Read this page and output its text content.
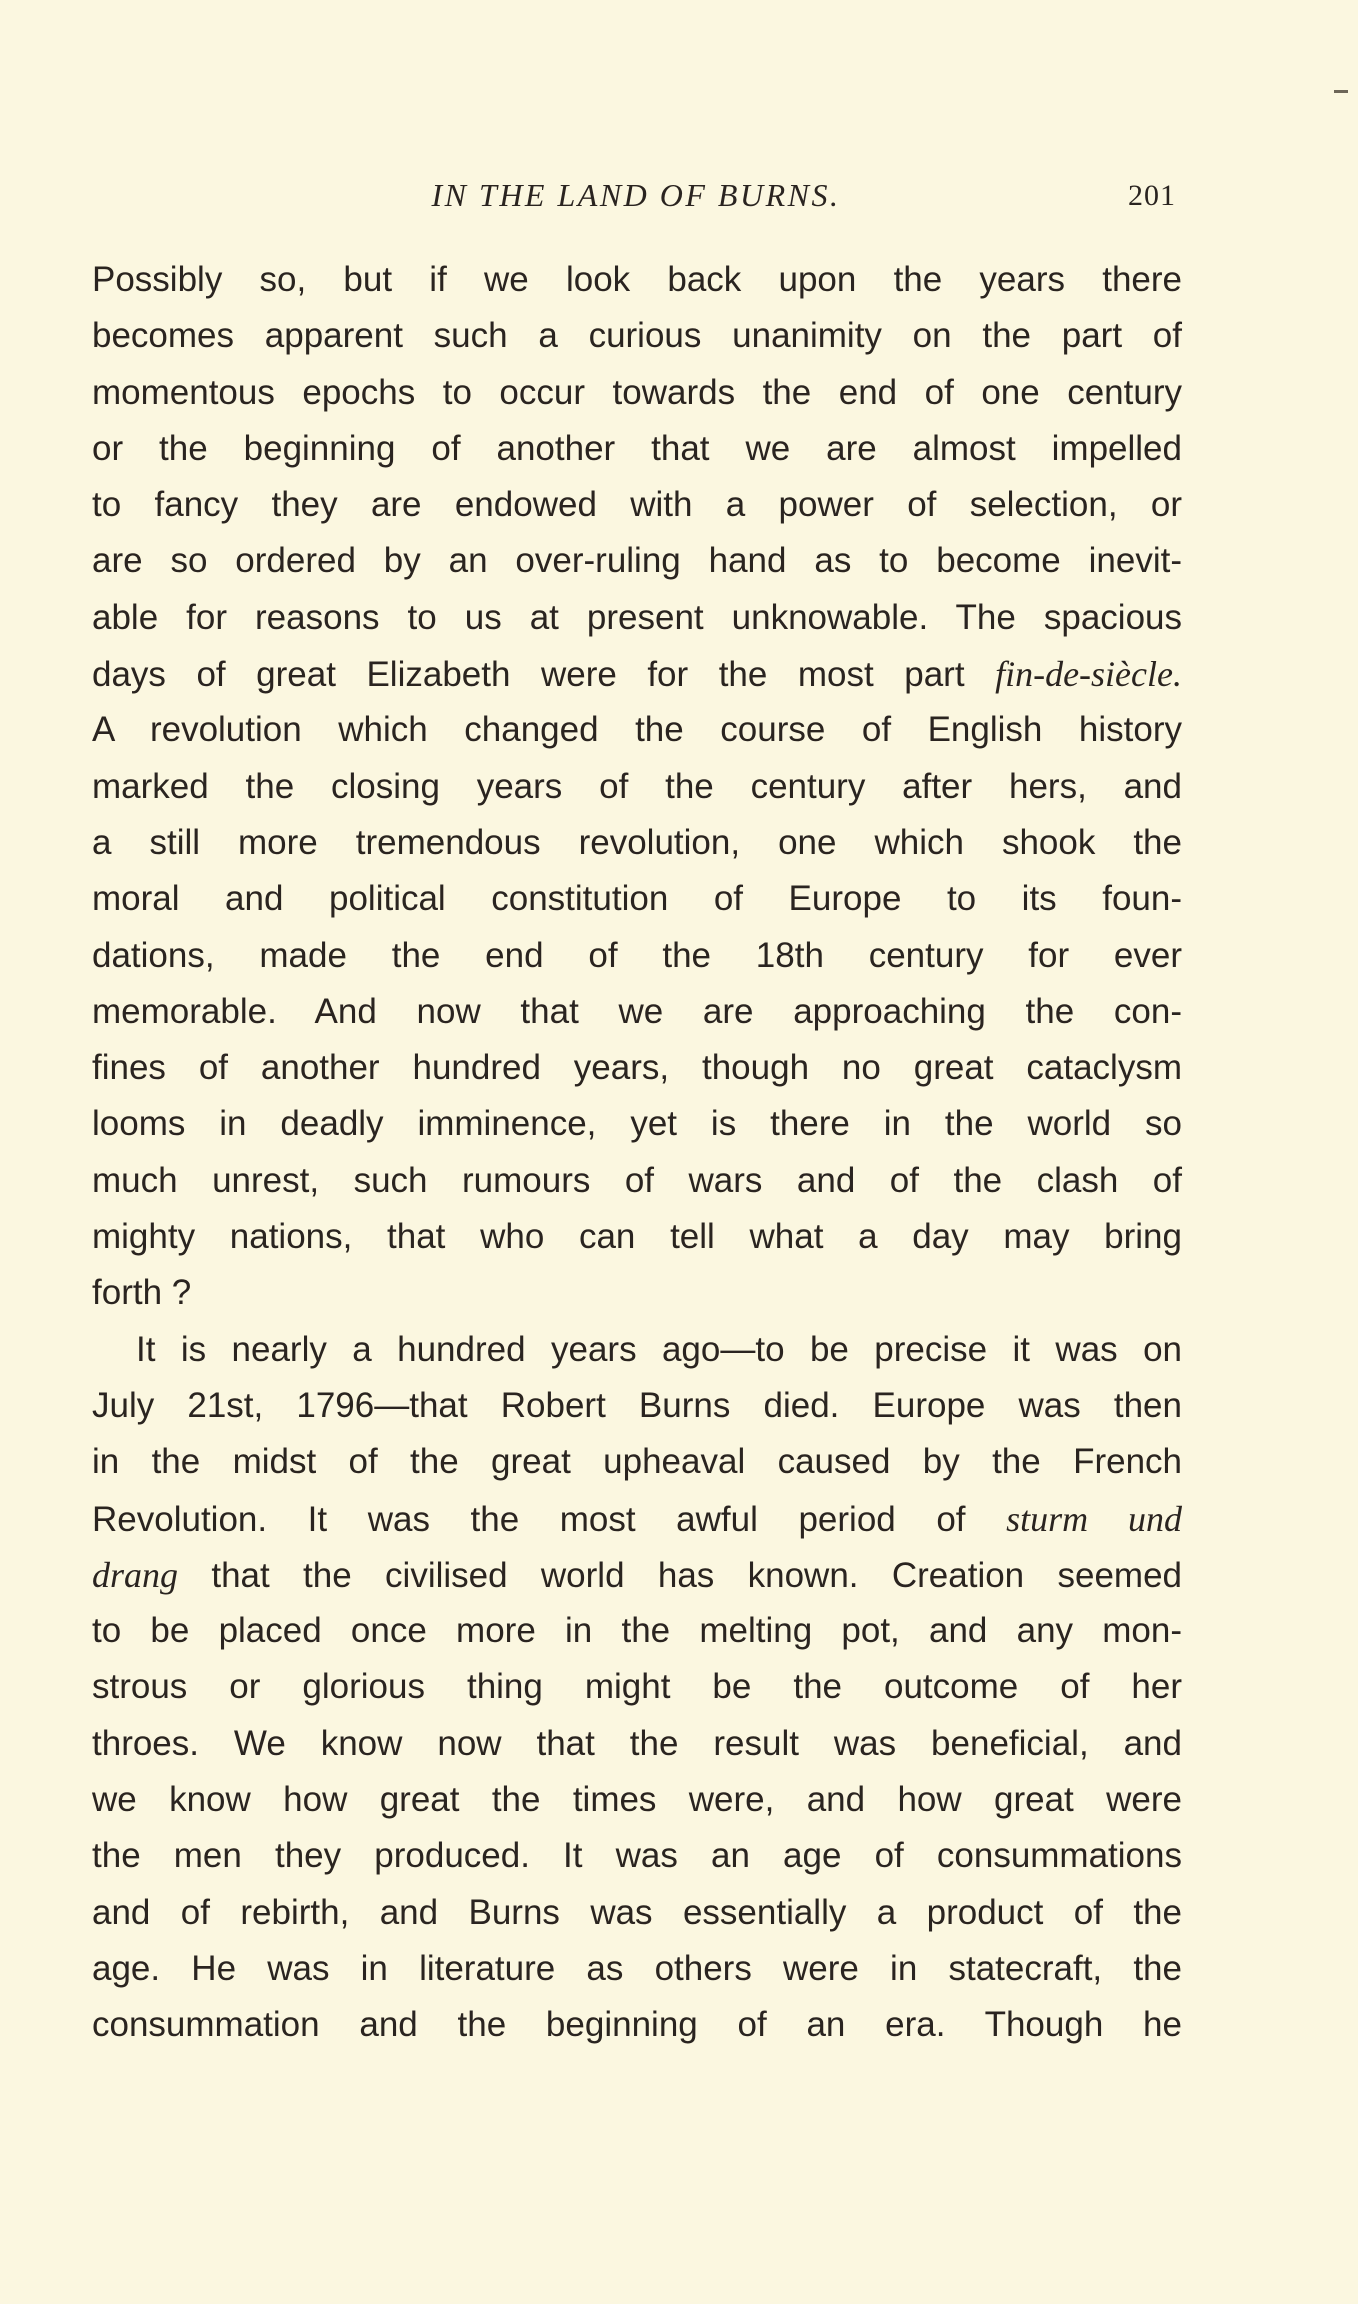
IN THE LAND OF BURNS.	201
Possibly so, but if we look back upon the years there
becomes apparent such a curious unanimity on the part of
momentous epochs to occur towards the end of one century
or the beginning of another that we are almost impelled
to fancy they are endowed with a power of selection, or
are so ordered by an over-ruling hand as to become inevit-
able for reasons to us at present unknowable. The spacious
days of great Elizabeth were for the most part fin-de-siècle.
A revolution which changed the course of English history
marked the closing years of the century after hers, and
a still more tremendous revolution, one which shook the
moral and political constitution of Europe to its foun-
dations, made the end of the 18th century for ever
memorable. And now that we are approaching the con-
fines of another hundred years, though no great cataclysm
looms in deadly imminence, yet is there in the world so
much unrest, such rumours of wars and of the clash of
mighty nations, that who can tell what a day may bring
forth ?
It is nearly a hundred years ago—to be precise it was on
July 21st, 1796—that Robert Burns died. Europe was then
in the midst of the great upheaval caused by the French
Revolution. It was the most awful period of sturm und
drang that the civilised world has known. Creation seemed
to be placed once more in the melting pot, and any mon-
strous or glorious thing might be the outcome of her
throes. We know now that the result was beneficial, and
we know how great the times were, and how great were
the men they produced. It was an age of consummations
and of rebirth, and Burns was essentially a product of the
age. He was in literature as others were in statecraft, the
consummation and the beginning of an era. Though he
